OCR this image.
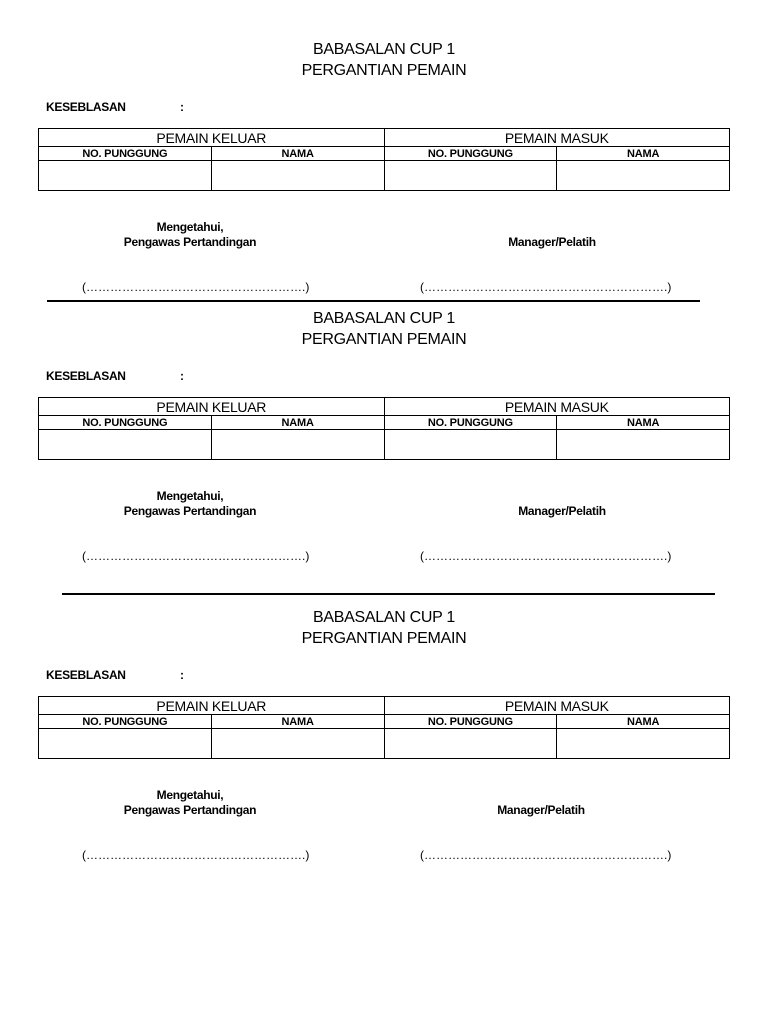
BABASALAN CUP 1
PERGANTIAN PEMAIN
KESEBLASAN	:
PEMAIN KELUAR		PEMAIN MASUK	
NO. PUNGGUNG	NAMA	NO. PUNGGUNG	NAMA

Mengetahui,
Pengawas Pertandingan	Manager/Pelatih
(……………………………………………….)	(…………………………………………………….)
BABASALAN CUP 1
PERGANTIAN PEMAIN
KESEBLASAN	:
PEMAIN KELUAR		PEMAIN MASUK	
NO. PUNGGUNG	NAMA	NO. PUNGGUNG	NAMA

Mengetahui,
Pengawas Pertandingan	Manager/Pelatih
(……………………………………………….)	(…………………………………………………….)
BABASALAN CUP 1
PERGANTIAN PEMAIN
KESEBLASAN	:
PEMAIN KELUAR		PEMAIN MASUK	
NO. PUNGGUNG	NAMA	NO. PUNGGUNG	NAMA

Mengetahui,
Pengawas Pertandingan	Manager/Pelatih
(……………………………………………….)	(…………………………………………………….)
